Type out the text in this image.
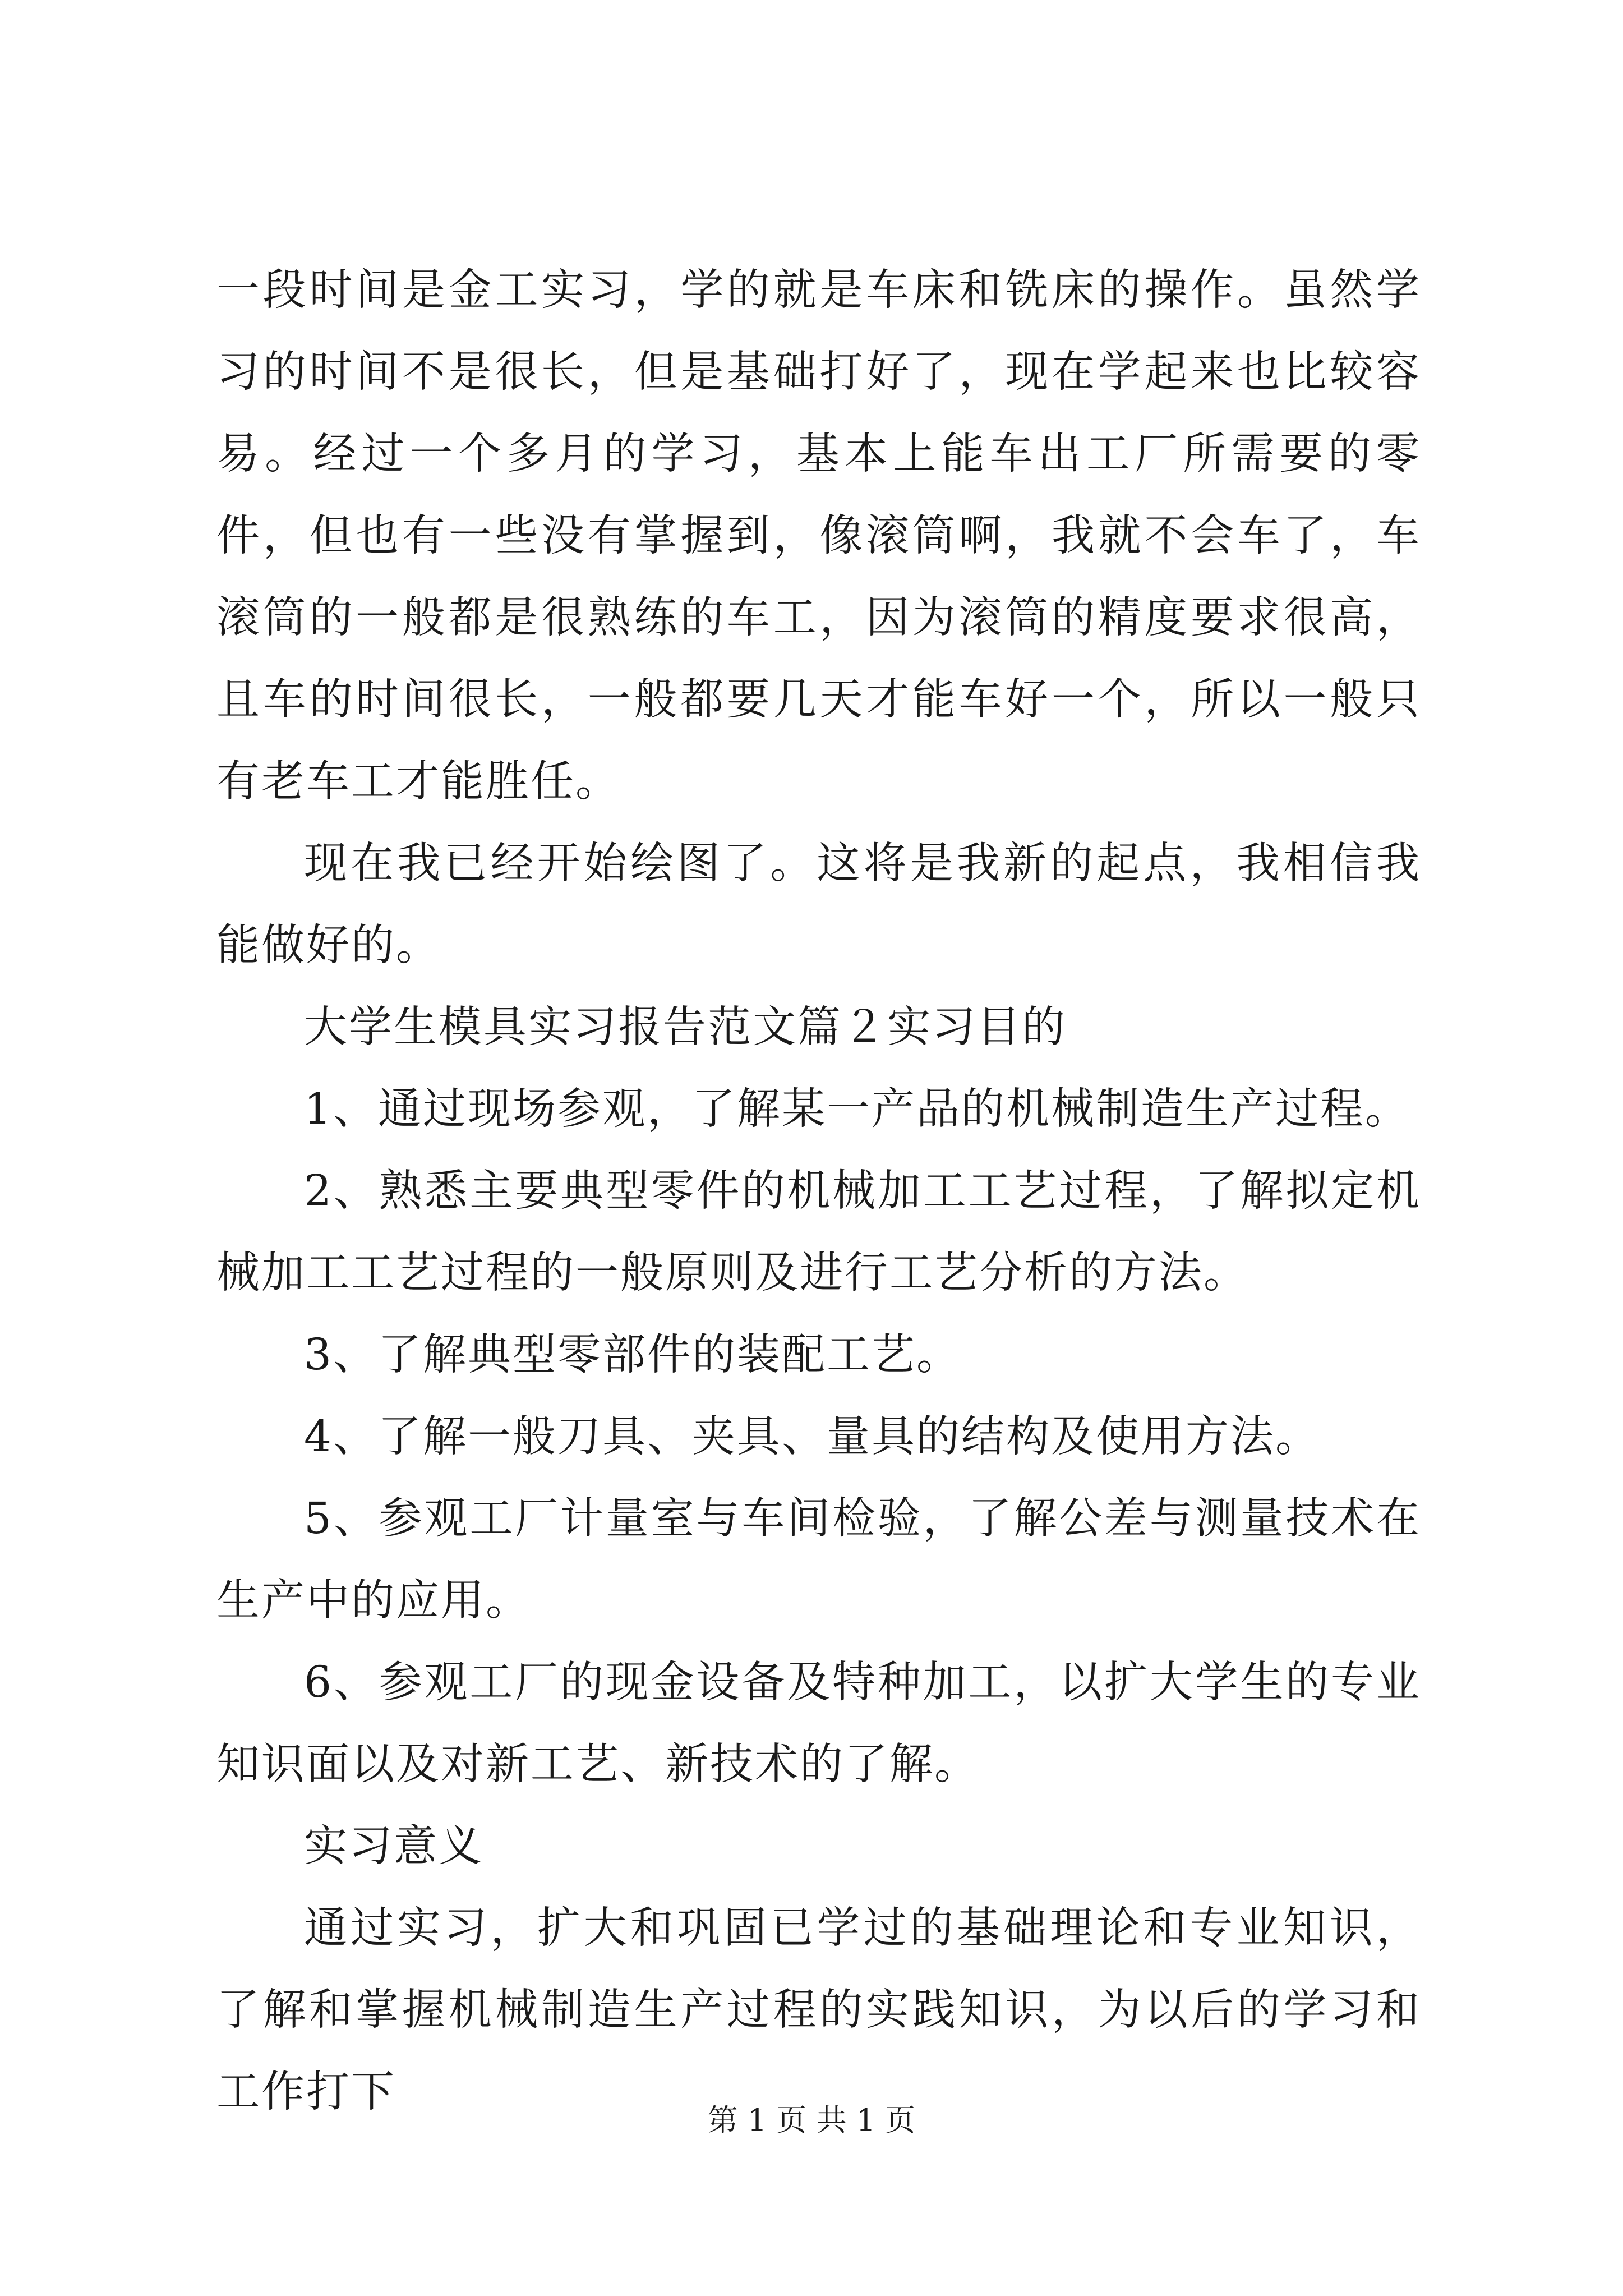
一段时间是金工实习，学的就是车床和铣床的操作。虽然学习的时间不是很长，但是基础打好了，现在学起来也比较容易。经过一个多月的学习，基本上能车出工厂所需要的零件，但也有一些没有掌握到，像滚筒啊，我就不会车了，车滚筒的一般都是很熟练的车工，因为滚筒的精度要求很高，且车的时间很长，一般都要几天才能车好一个，所以一般只有老车工才能胜任。

现在我已经开始绘图了。这将是我新的起点，我相信我能做好的。

大学生模具实习报告范文篇２实习目的

1、通过现场参观，了解某一产品的机械制造生产过程。

2、熟悉主要典型零件的机械加工工艺过程，了解拟定机械加工工艺过程的一般原则及进行工艺分析的方法。

3、了解典型零部件的装配工艺。

4、了解一般刀具、夹具、量具的结构及使用方法。

5、参观工厂计量室与车间检验，了解公差与测量技术在生产中的应用。

6、参观工厂的现金设备及特种加工，以扩大学生的专业知识面以及对新工艺、新技术的了解。

实习意义

通过实习，扩大和巩固已学过的基础理论和专业知识，了解和掌握机械制造生产过程的实践知识，为以后的学习和工作打下

第 1 页 共 1 页
